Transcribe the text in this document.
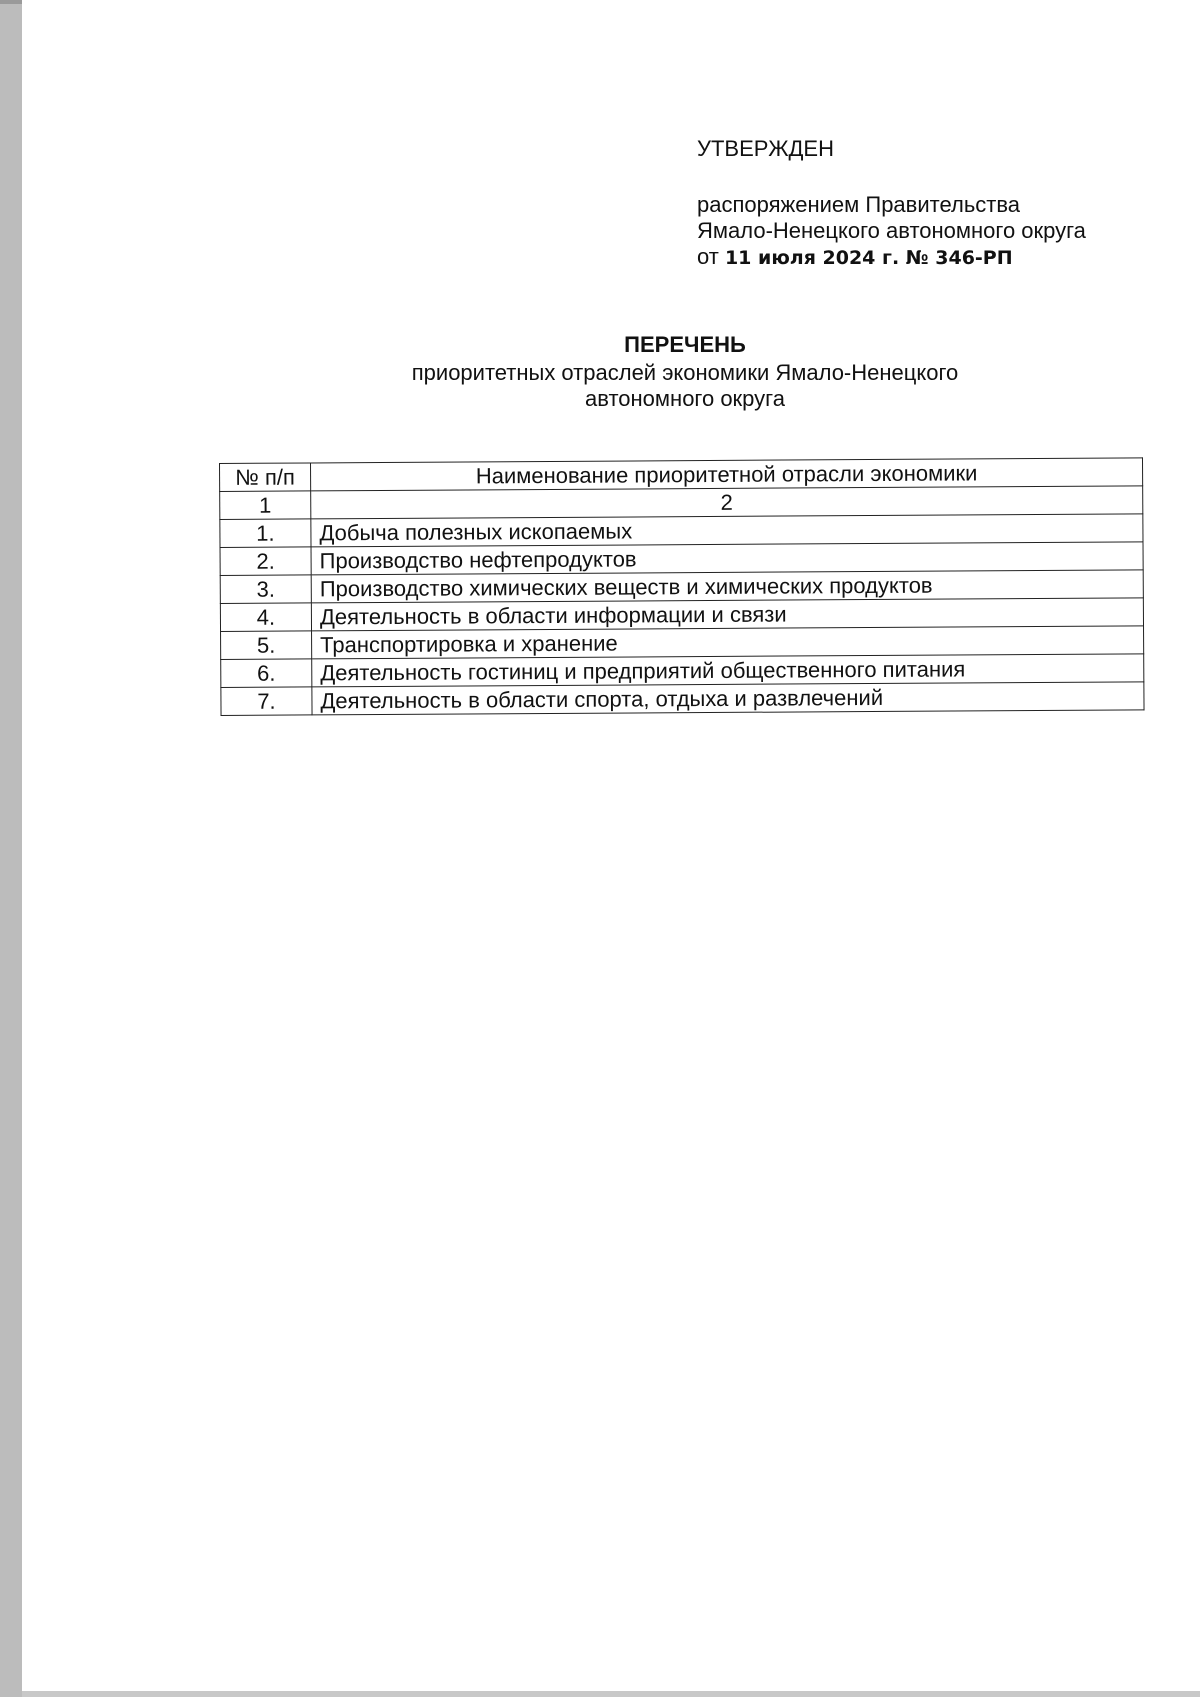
УТВЕРЖДЕН
распоряжением Правительства
Ямало-Ненецкого автономного округа
от 11 июля 2024 г. № 346-РП
ПЕРЕЧЕНЬ
приоритетных отраслей экономики Ямало-Ненецкого
автономного округа
№ п/п	Наименование приоритетной отрасли экономики
1	2
1.	Добыча полезных ископаемых
2.	Производство нефтепродуктов
3.	Производство химических веществ и химических продуктов
4.	Деятельность в области информации и связи
5.	Транспортировка и хранение
6.	Деятельность гостиниц и предприятий общественного питания
7.	Деятельность в области спорта, отдыха и развлечений
